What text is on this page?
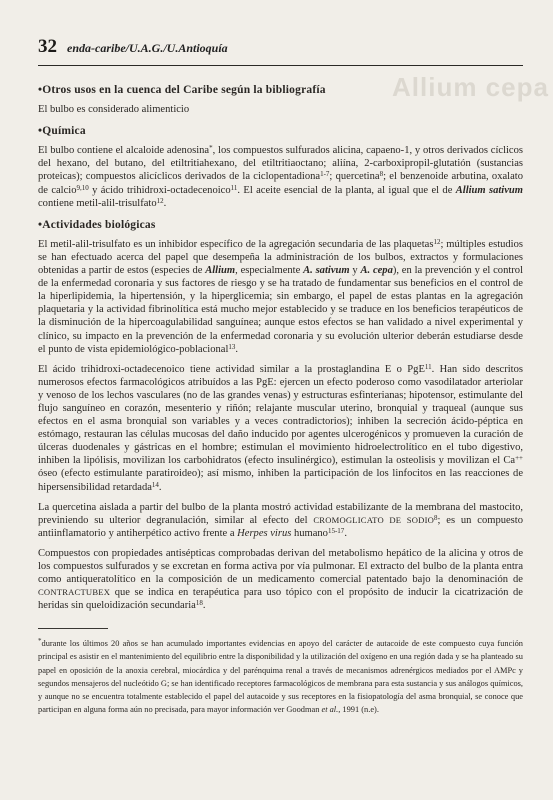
Allium cepa
32 enda-caribe/U.A.G./U.Antioquía
•Otros usos en la cuenca del Caribe según la bibliografía

El bulbo es considerado alimenticio

•Química

El bulbo contiene el alcaloide adenosina*, los compuestos sulfurados alicina, capaeno-1, y otros derivados cíclicos del hexano, del butano, del etiltritiahexano, del etiltritiaoctano; aliína, 2-carboxipropil-glutatión (sustancias proteicas); compuestos alicíclicos derivados de la ciclopentadiona$^{1-7}$; quercetina$^8$; el benzenoide arbutina, oxalato de calcio$^{9,10}$ y ácido trihidroxi-octadecenoico$^{11}$. El aceite esencial de la planta, al igual que el de Allium sativum contiene metil-alil-trisulfato$^{12}$.

•Actividades biológicas

El metil-alil-trisulfato es un inhibidor específico de la agregación secundaria de las plaquetas$^{12}$; múltiples estudios se han efectuado acerca del papel que desempeña la administración de los bulbos, extractos y formulaciones obtenidas a partir de estos (especies de Allium, especialmente A. sativum y A. cepa), en la prevención y el control de la enfermedad coronaria y sus factores de riesgo y se ha tratado de fundamentar sus beneficios en el control de la hiperlipidemia, la hipertensión, y la hiperglicemia; sin embargo, el papel de estas plantas en la agregación plaquetaria y la actividad fibrinolítica está mucho mejor establecido y se traduce en los beneficios terapéuticos de la disminución de la hipercoagulabilidad sanguínea; aunque estos efectos se han validado a nivel experimental y clínico, su impacto en la prevención de la enfermedad coronaria y su evolución ulterior deberán estudiarse desde el punto de vista epidemiológico-poblacional$^{13}$.

El ácido trihidroxi-octadecenoico tiene actividad similar a la prostaglandina E o PgE$^{11}$. Han sido descritos numerosos efectos farmacológicos atribuídos a las PgE: ejercen un efecto poderoso como vasodilatador arteriolar y venoso de los lechos vasculares (no de las grandes venas) y estructuras esfinterianas; hipotensor, estimulante del flujo sanguíneo en corazón, mesenterio y riñón; relajante muscular uterino, bronquial y traqueal (aunque sus efectos en el asma bronquial son variables y a veces contradictorios); inhiben la secreción ácido-péptica en estómago, restauran las células mucosas del daño inducido por agentes ulcerogénicos y promueven la curación de úlceras duodenales y gástricas en el hombre; estimulan el movimiento hidroelectrolítico en el tubo digestivo, inhiben la lipólisis, movilizan los carbohidratos (efecto insulinérgico), estimulan la osteolisis y movilizan el Ca++ óseo (efecto estimulante paratiroideo); así mismo, inhiben la participación de los linfocitos en las reacciones de hipersensibilidad retardada$^{14}$.

La quercetina aislada a partir del bulbo de la planta mostró actividad estabilizante de la membrana del mastocito, previniendo su ulterior degranulación, similar al efecto del CROMOGLICATO DE SODIO$^8$; es un compuesto antiinflamatorio y antiherpético activo frente a Herpes virus humano$^{15-17}$.

Compuestos con propiedades antisépticas comprobadas derivan del metabolismo hepático de la alicina y otros de los compuestos sulfurados y se excretan en forma activa por vía pulmonar. El extracto del bulbo de la planta entra como antiqueratolítico en la composición de un medicamento comercial patentado bajo la denominación de CONTRACTUBEX que se indica en terapéutica para uso tópico con el propósito de inducir la cicatrización de heridas sin queloidización secundaria$^{18}$.

*durante los últimos 20 años se han acumulado importantes evidencias en apoyo del carácter de autacoide de este compuesto cuya función principal es asistir en el mantenimiento del equilibrio entre la disponibilidad y la utilización del oxígeno en una región dada y se ha planteado su papel en oposición de la anoxia cerebral, miocárdica y del parénquima renal a través de mecanismos adrenérgicos mediados por el AMPc y segundos mensajeros del nucleótido G; se han identificado receptores farmacológicos de membrana para esta sustancia y sus análogos químicos, y aunque no se encuentra totalmente establecido el papel del autacoide y sus receptores en la fisiopatología del asma bronquial, se conoce que participan en alguna forma aún no precisada, para mayor información ver Goodman et al., 1991 (n.e).
